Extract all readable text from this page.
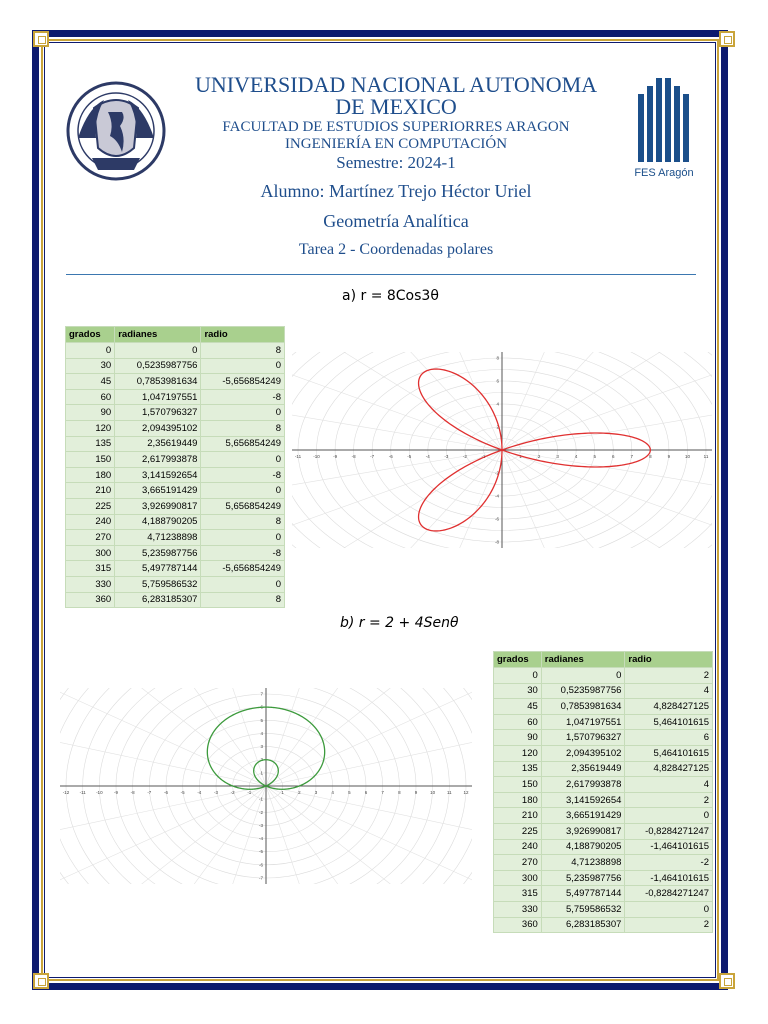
FES Aragón
UNIVERSIDAD NACIONAL AUTONOMA DE MEXICO
FACULTAD DE ESTUDIOS SUPERIORRES ARAGON
INGENIERÍA EN COMPUTACIÓN
Semestre: 2024-1
Alumno: Martínez Trejo Héctor Uriel
Geometría Analítica
Tarea 2 - Coordenadas polares
a) r = 8Cos3θ
grados	radianes	radio
0	0	8
30	0,5235987756	0
45	0,7853981634	-5,656854249
60	1,047197551	-8
90	1,570796327	0
120	2,094395102	8
135	2,35619449	5,656854249
150	2,617993878	0
180	3,141592654	-8
210	3,665191429	0
225	3,926990817	5,656854249
240	4,188790205	8
270	4,71238898	0
300	5,235987756	-8
315	5,497787144	-5,656854249
330	5,759586532	0
360	6,283185307	8
-11	-10	-9	-8	-7	-6	-5	-4	-3	-2	-1	1	2	3	4	5	6	7	8	9	10	11
-8
-6
-4
-2
2
4
6
8
b) r = 2 + 4Senθ
grados	radianes	radio
0	0	2
30	0,5235987756	4
45	0,7853981634	4,828427125
60	1,047197551	5,464101615
90	1,570796327	6
120	2,094395102	5,464101615
135	2,35619449	4,828427125
150	2,617993878	4
180	3,141592654	2
210	3,665191429	0
225	3,926990817	-0,8284271247
240	4,188790205	-1,464101615
270	4,71238898	-2
300	5,235987756	-1,464101615
315	5,497787144	-0,8284271247
330	5,759586532	0
360	6,283185307	2
-12 -11 -10	-9	-8	-7	-6	-5	-4	-3	-2	-1	1	2	3	4	5	6	7	8	9	10	11	12
-7
-6
-5
-4
-3
-2
-1
1
2
3
4
5
6
7
